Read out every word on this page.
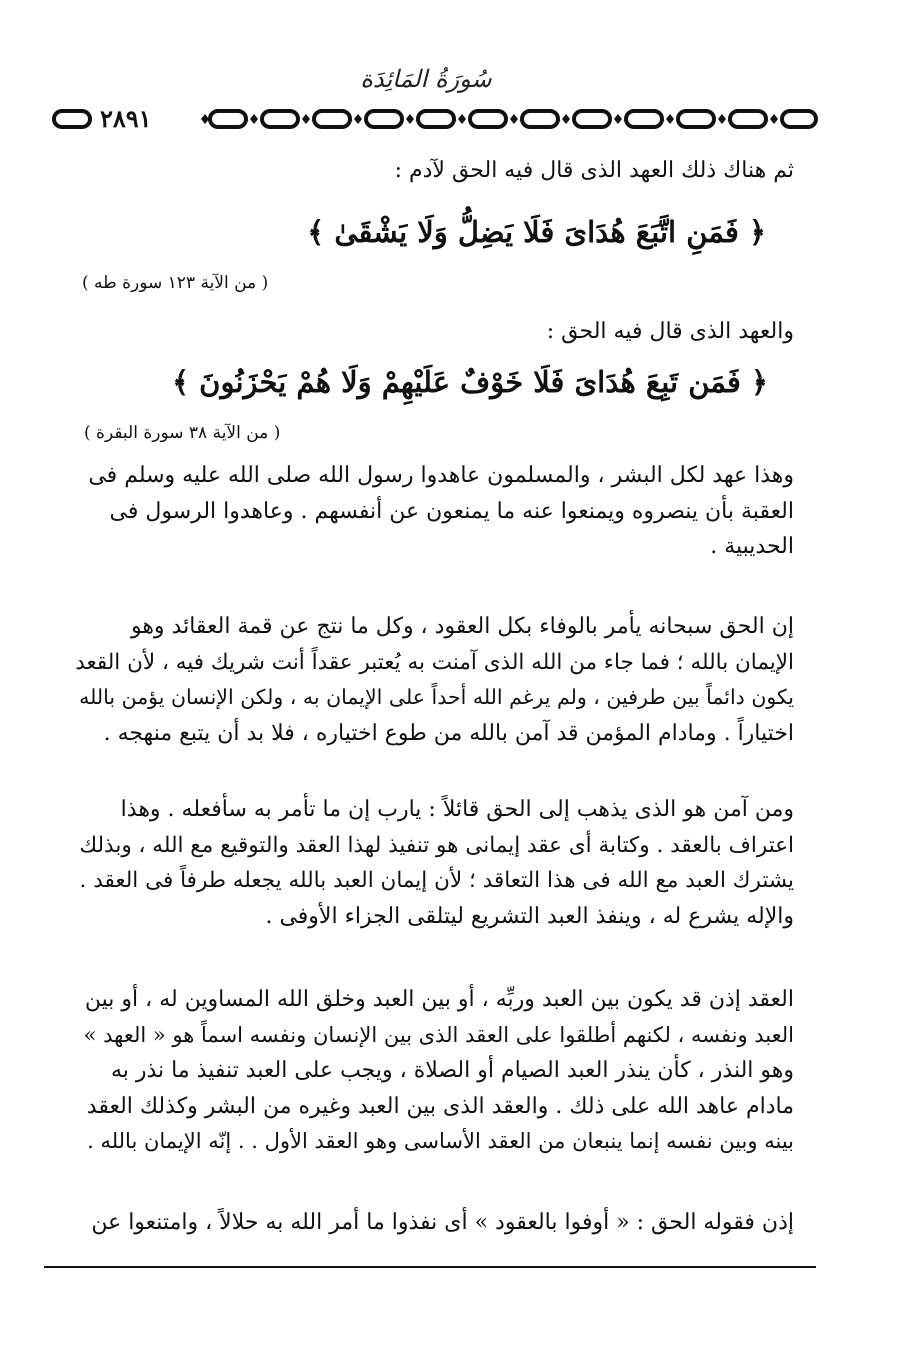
سُورَةُ المَائِدَة
٢٨٩١
ثم هناك ذلك العهد الذى قال فيه الحق لآدم :
﴿ فَمَنِ اتَّبَعَ هُدَاىَ فَلَا يَضِلُّ وَلَا يَشْقَىٰ ﴾
( من الآية ١٢٣ سورة طه )
والعهد الذى قال فيه الحق :
﴿ فَمَن تَبِعَ هُدَاىَ فَلَا خَوْفٌ عَلَيْهِمْ وَلَا هُمْ يَحْزَنُونَ ﴾
( من الآية ٣٨ سورة البقرة )
وهذا عهد لكل البشر ، والمسلمون عاهدوا رسول الله صلى الله عليه وسلم فى
العقبة بأن ينصروه ويمنعوا عنه ما يمنعون عن أنفسهم . وعاهدوا الرسول فى
الحديبية .
إن الحق سبحانه يأمر بالوفاء بكل العقود ، وكل ما نتج عن قمة العقائد وهو
الإيمان بالله ؛ فما جاء من الله الذى آمنت به يُعتبر عقداً أنت شريك فيه ، لأن القعد
يكون دائماً بين طرفين ، ولم يرغم الله أحداً على الإيمان به ، ولكن الإنسان يؤمن بالله
اختياراً . ومادام المؤمن قد آمن بالله من طوع اختياره ، فلا بد أن يتبع منهجه .
ومن آمن هو الذى يذهب إلى الحق قائلاً : يارب إن ما تأمر به سأفعله . وهذا
اعتراف بالعقد . وكتابة أى عقد إيمانى هو تنفيذ لهذا العقد والتوقيع مع الله ، وبذلك
يشترك العبد مع الله فى هذا التعاقد ؛ لأن إيمان العبد بالله يجعله طرفاً فى العقد .
والإله يشرع له ، وينفذ العبد التشريع ليتلقى الجزاء الأوفى .
العقد إذن قد يكون بين العبد وربِّه ، أو بين العبد وخلق الله المساوين له ، أو بين
العبد ونفسه ، لكنهم أطلقوا على العقد الذى بين الإنسان ونفسه اسماً هو « العهد »
وهو النذر ، كأن ينذر العبد الصيام أو الصلاة ، ويجب على العبد تنفيذ ما نذر به
مادام عاهد الله على ذلك . والعقد الذى بين العبد وغيره من البشر وكذلك العقد
بينه وبين نفسه إنما ينبعان من العقد الأساسى وهو العقد الأول . . إنّه الإيمان بالله .
إذن فقوله الحق : « أوفوا بالعقود » أى نفذوا ما أمر الله به حلالاً ، وامتنعوا عن
